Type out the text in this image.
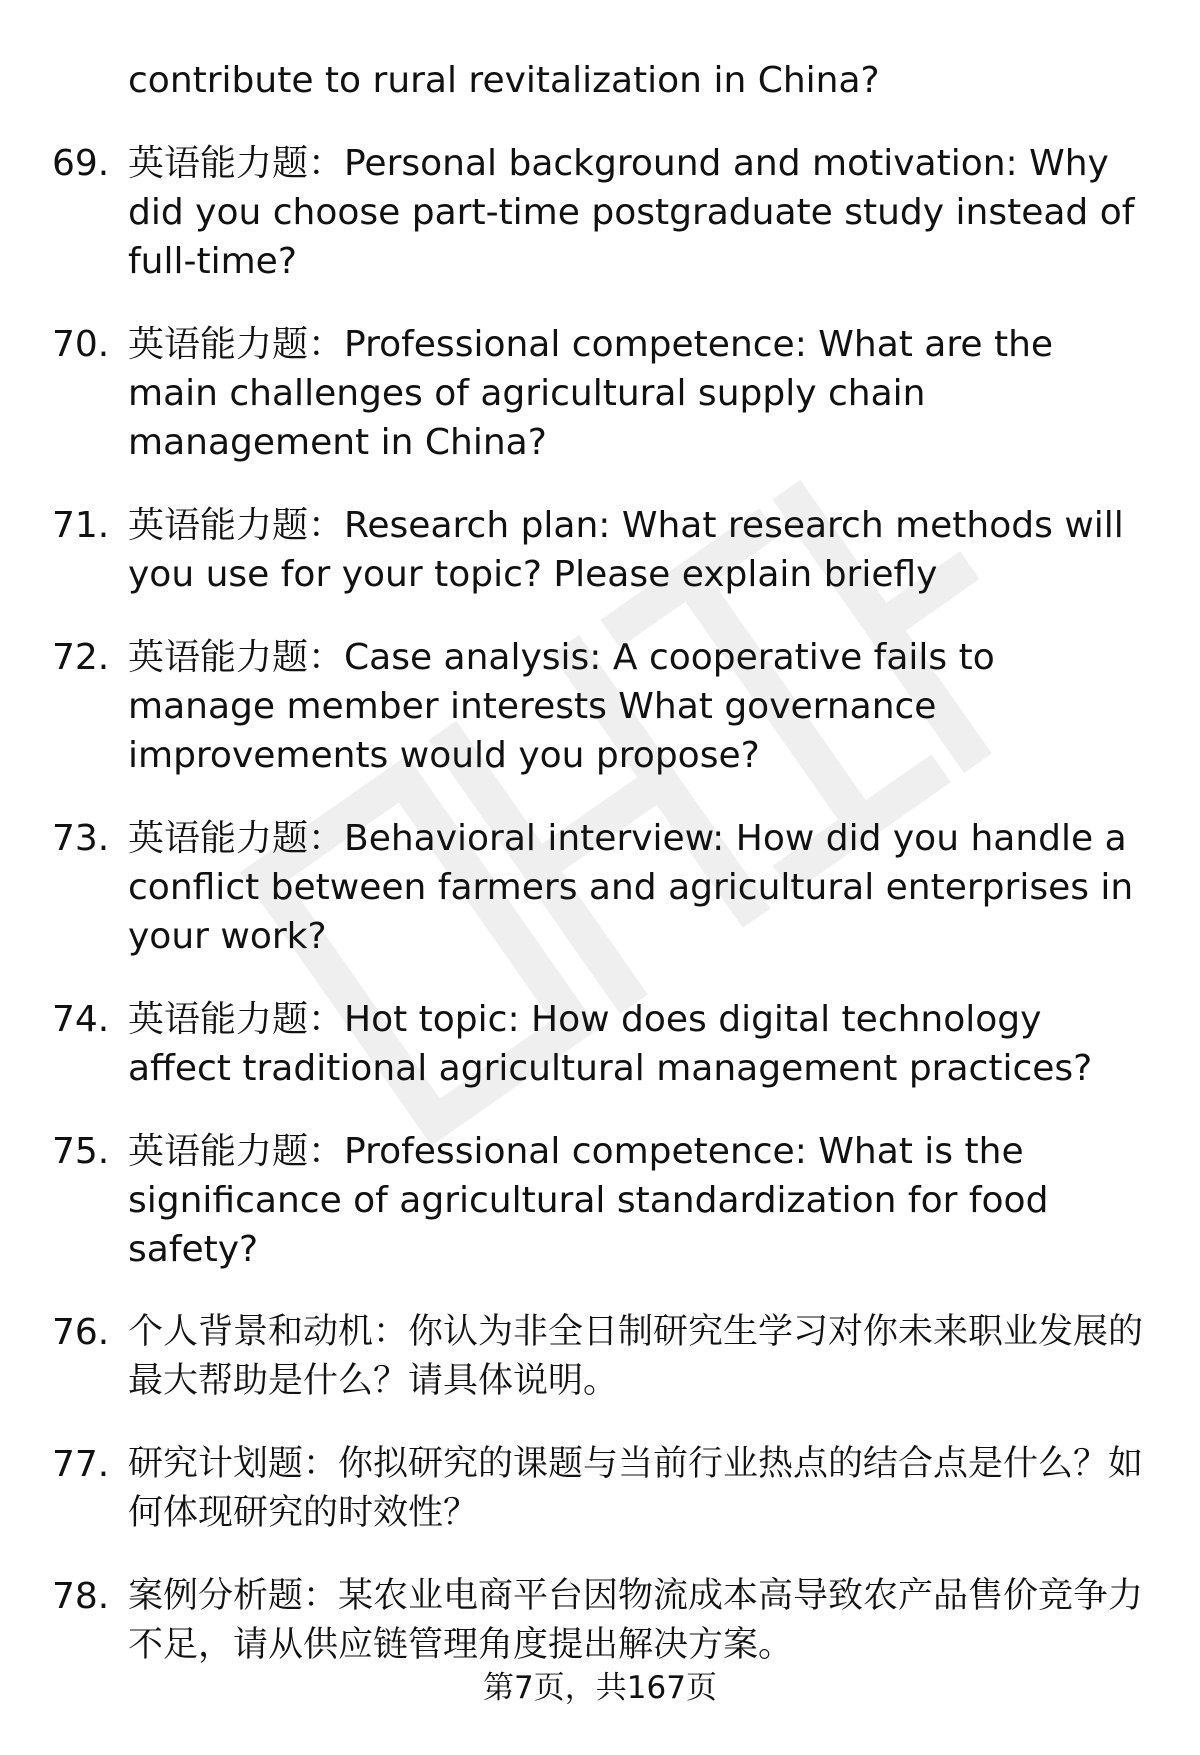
contribute to rural revitalization in China?
69. 英语能力题：Personal background and motivation: Why did you choose part-time postgraduate study instead of full-time?
70. 英语能力题：Professional competence: What are the main challenges of agricultural supply chain management in China?
71. 英语能力题：Research plan: What research methods will you use for your topic? Please explain briefly
72. 英语能力题：Case analysis: A cooperative fails to manage member interests What governance improvements would you propose?
73. 英语能力题：Behavioral interview: How did you handle a conflict between farmers and agricultural enterprises in your work?
74. 英语能力题：Hot topic: How does digital technology affect traditional agricultural management practices?
75. 英语能力题：Professional competence: What is the significance of agricultural standardization for food safety?
76. 个人背景和动机：你认为非全日制研究生学习对你未来职业发展的最大帮助是什么？请具体说明。
77. 研究计划题：你拟研究的课题与当前行业热点的结合点是什么？如何体现研究的时效性？
78. 案例分析题：某农业电商平台因物流成本高导致农产品售价竞争力不足，请从供应链管理角度提出解决方案。
第7页，共167页
